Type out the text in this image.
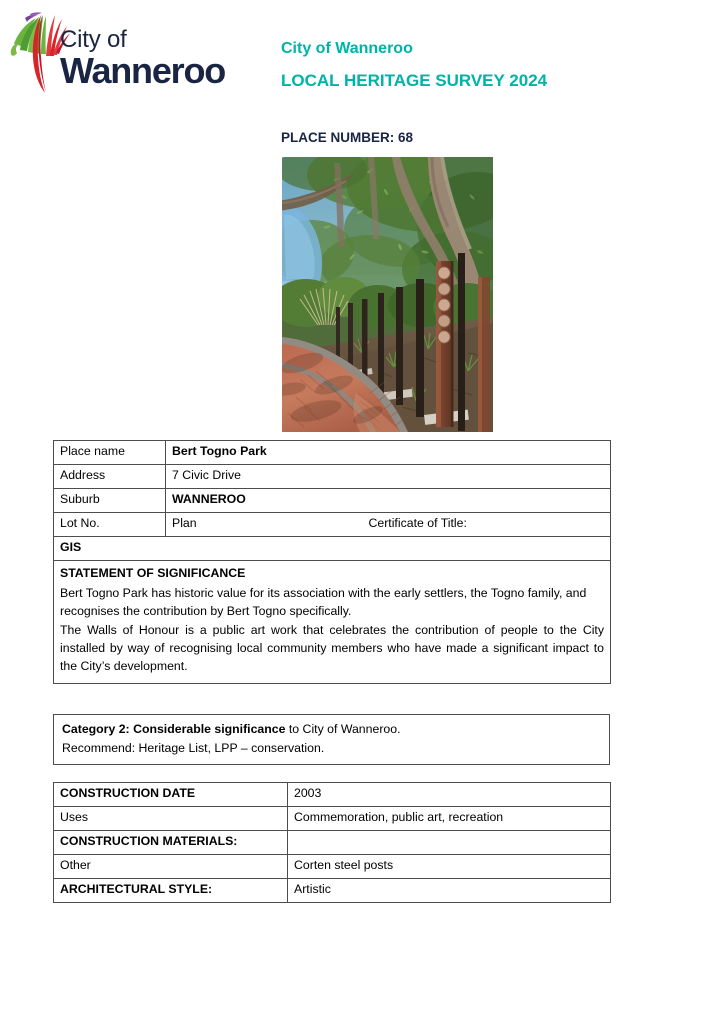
City of
Wanneroo
City of Wanneroo
LOCAL HERITAGE SURVEY 2024
PLACE NUMBER: 68
Place name	Bert Togno Park
Address	7 Civic Drive
Suburb	WANNEROO
Lot No.	Plan Certificate of Title:
GIS	

STATEMENT OF SIGNIFICANCE

Bert Togno Park has historic value for its association with the early settlers, the Togno family, and recognises the contribution by Bert Togno specifically.

The Walls of Honour is a public art work that celebrates the contribution of people to the City installed by way of recognising local community members who have made a significant impact to the City’s development.	

Category 2: Considerable significance to City of Wanneroo.
Recommend: Heritage List, LPP – conservation.
CONSTRUCTION DATE	2003
Uses	Commemoration, public art, recreation
CONSTRUCTION MATERIALS:	
Other	Corten steel posts
ARCHITECTURAL STYLE:	Artistic
